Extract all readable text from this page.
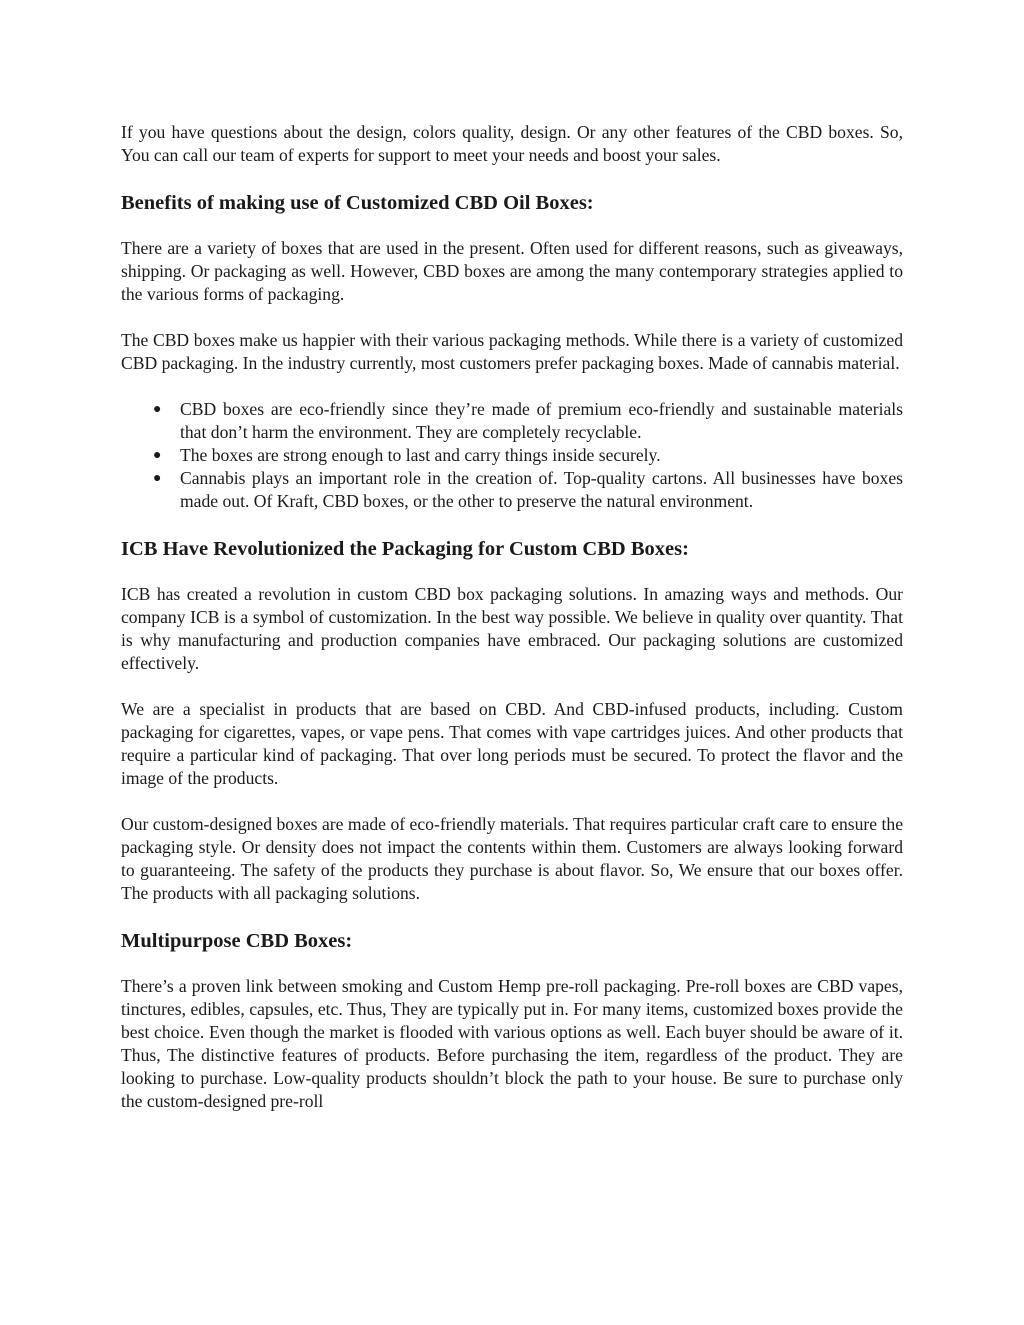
If you have questions about the design, colors quality, design. Or any other features of the CBD boxes. So, You can call our team of experts for support to meet your needs and boost your sales.

Benefits of making use of Customized CBD Oil Boxes:

There are a variety of boxes that are used in the present. Often used for different reasons, such as giveaways, shipping. Or packaging as well. However, CBD boxes are among the many contemporary strategies applied to the various forms of packaging.

The CBD boxes make us happier with their various packaging methods. While there is a variety of customized CBD packaging. In the industry currently, most customers prefer packaging boxes. Made of cannabis material.

● CBD boxes are eco-friendly since they’re made of premium eco-friendly and sustainable materials that don’t harm the environment. They are completely recyclable.
● The boxes are strong enough to last and carry things inside securely.
● Cannabis plays an important role in the creation of. Top-quality cartons. All businesses have boxes made out. Of Kraft, CBD boxes, or the other to preserve the natural environment.
ICB Have Revolutionized the Packaging for Custom CBD Boxes:

ICB has created a revolution in custom CBD box packaging solutions. In amazing ways and methods. Our company ICB is a symbol of customization. In the best way possible. We believe in quality over quantity. That is why manufacturing and production companies have embraced. Our packaging solutions are customized effectively.

We are a specialist in products that are based on CBD. And CBD-infused products, including. Custom packaging for cigarettes, vapes, or vape pens. That comes with vape cartridges juices. And other products that require a particular kind of packaging. That over long periods must be secured. To protect the flavor and the image of the products.

Our custom-designed boxes are made of eco-friendly materials. That requires particular craft care to ensure the packaging style. Or density does not impact the contents within them. Customers are always looking forward to guaranteeing. The safety of the products they purchase is about flavor. So, We ensure that our boxes offer. The products with all packaging solutions.

Multipurpose CBD Boxes:

There’s a proven link between smoking and Custom Hemp pre-roll packaging. Pre-roll boxes are CBD vapes, tinctures, edibles, capsules, etc. Thus, They are typically put in. For many items, customized boxes provide the best choice. Even though the market is flooded with various options as well. Each buyer should be aware of it. Thus, The distinctive features of products. Before purchasing the item, regardless of the product. They are looking to purchase. Low-quality products shouldn’t block the path to your house. Be sure to purchase only the custom-designed pre-roll
